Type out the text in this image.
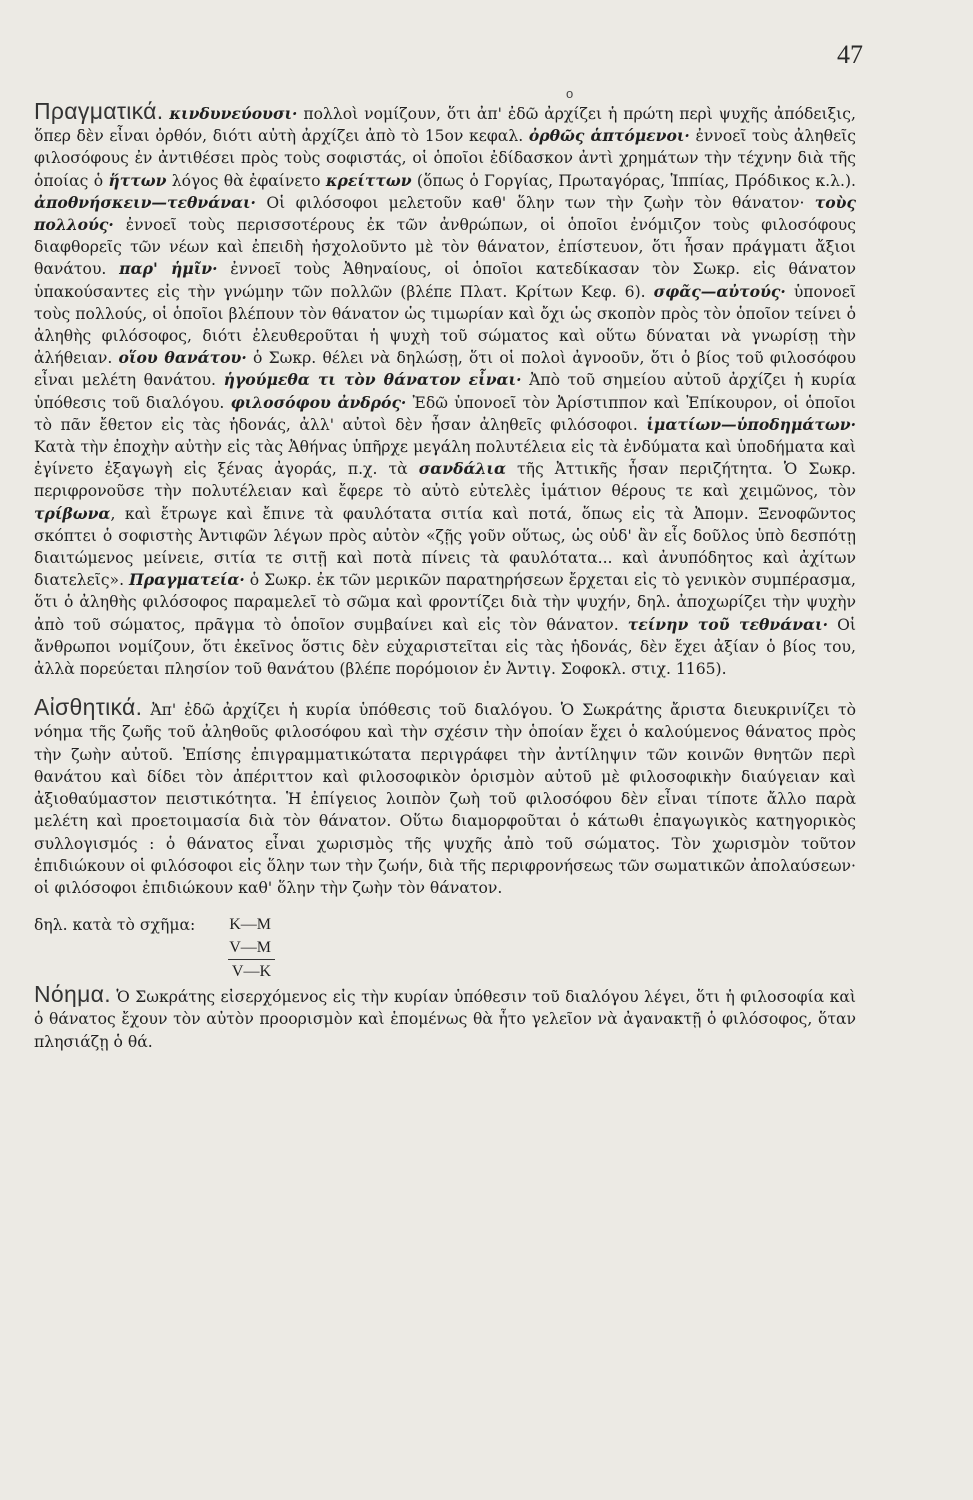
47
ο

Πραγματικά. κινδυνεύουσι· πολλοὶ νομίζουν, ὅτι ἀπ' ἐδῶ ἀρχίζει ἡ πρώτη περὶ ψυχῆς ἀπόδειξις, ὅπερ δὲν εἶναι ὀρθόν, διότι αὐτὴ ἀρχίζει ἀπὸ τὸ 15ον κεφαλ. ὀρθῶς ἁπτόμενοι· ἐννοεῖ τοὺς ἀληθεῖς φιλοσόφους ἐν ἀντιθέσει πρὸς τοὺς σοφιστάς, οἱ ὁποῖοι ἐδίδασκον ἀντὶ χρημάτων τὴν τέχνην διὰ τῆς ὁποίας ὁ ἥττων λόγος θὰ ἐφαίνετο κρείττων (ὅπως ὁ Γοργίας, Πρωταγόρας, Ἱππίας, Πρόδικος κ.λ.). ἀποθνήσκειν—τεθνάναι· Οἱ φιλόσοφοι μελετοῦν καθ' ὅλην των τὴν ζωὴν τὸν θάνατον· τοὺς πολλούς· ἐννοεῖ τοὺς περισσοτέρους ἐκ τῶν ἀνθρώπων, οἱ ὁποῖοι ἐνόμιζον τοὺς φιλοσόφους διαφθορεῖς τῶν νέων καὶ ἐπειδὴ ἠσχολοῦντο μὲ τὸν θάνατον, ἐπίστευον, ὅτι ἦσαν πράγματι ἄξιοι θανάτου. παρ' ἡμῖν· ἐννοεῖ τοὺς Ἀθηναίους, οἱ ὁποῖοι κατεδίκασαν τὸν Σωκρ. εἰς θάνατον ὑπακούσαντες εἰς τὴν γνώμην τῶν πολλῶν (βλέπε Πλατ. Κρίτων Κεφ. 6). σφᾶς—αὐτούς· ὑπονοεῖ τοὺς πολλούς, οἱ ὁποῖοι βλέπουν τὸν θάνατον ὡς τιμωρίαν καὶ ὄχι ὡς σκοπὸν πρὸς τὸν ὁποῖον τείνει ὁ ἀληθὴς φιλόσοφος, διότι ἐλευθεροῦται ἡ ψυχὴ τοῦ σώματος καὶ οὕτω δύναται νὰ γνωρίσῃ τὴν ἀλήθειαν. οἵου θανάτου· ὁ Σωκρ. θέλει νὰ δηλώσῃ, ὅτι οἱ πολοὶ ἀγνοοῦν, ὅτι ὁ βίος τοῦ φιλοσόφου εἶναι μελέτη θανάτου. ἡγούμεθα τι τὸν θάνατον εἶναι· Ἀπὸ τοῦ σημείου αὐτοῦ ἀρχίζει ἡ κυρία ὑπόθεσις τοῦ διαλόγου. φιλοσόφου ἀνδρός· Ἐδῶ ὑπονοεῖ τὸν Ἀρίστιππον καὶ Ἐπίκουρον, οἱ ὁποῖοι τὸ πᾶν ἔθετον εἰς τὰς ἡδονάς, ἀλλ' αὐτοὶ δὲν ἦσαν ἀληθεῖς φιλόσοφοι. ἱματίων—ὑποδημάτων· Κατὰ τὴν ἐποχὴν αὐτὴν εἰς τὰς Ἀθήνας ὑπῆρχε μεγάλη πολυτέλεια εἰς τὰ ἐνδύματα καὶ ὑποδήματα καὶ ἐγίνετο ἐξαγωγὴ εἰς ξένας ἀγοράς, π.χ. τὰ σανδάλια τῆς Ἀττικῆς ἦσαν περιζήτητα. Ὁ Σωκρ. περιφρονοῦσε τὴν πολυτέλειαν καὶ ἔφερε τὸ αὐτὸ εὐτελὲς ἱμάτιον θέρους τε καὶ χειμῶνος, τὸν τρίβωνα, καὶ ἔτρωγε καὶ ἔπινε τὰ φαυλότατα σιτία καὶ ποτά, ὅπως εἰς τὰ Ἀπομν. Ξενοφῶντος σκόπτει ὁ σοφιστὴς Ἀντιφῶν λέγων πρὸς αὐτὸν «ζῇς γοῦν οὕτως, ὡς οὐδ' ἂν εἷς δοῦλος ὑπὸ δεσπότῃ διαιτώμενος μείνειε, σιτία τε σιτῇ καὶ ποτὰ πίνεις τὰ φαυλότατα... καὶ ἀνυπόδητος καὶ ἀχίτων διατελεῖς». Πραγματεία· ὁ Σωκρ. ἐκ τῶν μερικῶν παρατηρήσεων ἔρχεται εἰς τὸ γενικὸν συμπέρασμα, ὅτι ὁ ἀληθὴς φιλόσοφος παραμελεῖ τὸ σῶμα καὶ φροντίζει διὰ τὴν ψυχήν, δηλ. ἀποχωρίζει τὴν ψυχὴν ἀπὸ τοῦ σώματος, πρᾶγμα τὸ ὁποῖον συμβαίνει καὶ εἰς τὸν θάνατον. τείνην τοῦ τεθνάναι· Οἱ ἄνθρωποι νομίζουν, ὅτι ἐκεῖνος ὅστις δὲν εὐχαριστεῖται εἰς τὰς ἡδονάς, δὲν ἔχει ἀξίαν ὁ βίος του, ἀλλὰ πορεύεται πλησίον τοῦ θανάτου (βλέπε πορόμοιον ἐν Ἀντιγ. Σοφοκλ. στιχ. 1165).

Αἰσθητικά. Ἀπ' ἐδῶ ἀρχίζει ἡ κυρία ὑπόθεσις τοῦ διαλόγου. Ὁ Σωκράτης ἄριστα διευκρινίζει τὸ νόημα τῆς ζωῆς τοῦ ἀληθοῦς φιλοσόφου καὶ τὴν σχέσιν τὴν ὁποίαν ἔχει ὁ καλούμενος θάνατος πρὸς τὴν ζωὴν αὐτοῦ. Ἐπίσης ἐπιγραμματικώτατα περιγράφει τὴν ἀντίληψιν τῶν κοινῶν θνητῶν περὶ θανάτου καὶ δίδει τὸν ἀπέριττον καὶ φιλοσοφικὸν ὁρισμὸν αὐτοῦ μὲ φιλοσοφικὴν διαύγειαν καὶ ἀξιοθαύμαστον πειστικότητα. Ἡ ἐπίγειος λοιπὸν ζωὴ τοῦ φιλοσόφου δὲν εἶναι τίποτε ἄλλο παρὰ μελέτη καὶ προετοιμασία διὰ τὸν θάνατον. Οὕτω διαμορφοῦται ὁ κάτωθι ἐπαγωγικὸς κατηγορικὸς συλλογισμός : ὁ θάνατος εἶναι χωρισμὸς τῆς ψυχῆς ἀπὸ τοῦ σώματος. Τὸν χωρισμὸν τοῦτον ἐπιδιώκουν οἱ φιλόσοφοι εἰς ὅλην των τὴν ζωήν, διὰ τῆς περιφρονήσεως τῶν σωματικῶν ἀπολαύσεων· οἱ φιλόσοφοι ἐπιδιώκουν καθ' ὅλην τὴν ζωὴν τὸν θάνατον.

δηλ. κατὰ τὸ σχῆμα: K—M
V—M
V—K

Νόημα. Ὁ Σωκράτης εἰσερχόμενος εἰς τὴν κυρίαν ὑπόθεσιν τοῦ διαλόγου λέγει, ὅτι ἡ φιλοσοφία καὶ ὁ θάνατος ἔχουν τὸν αὐτὸν προορισμὸν καὶ ἑπομένως θὰ ἦτο γελεῖον νὰ ἀγανακτῇ ὁ φιλόσοφος, ὅταν πλησιάζῃ ὁ θά.
